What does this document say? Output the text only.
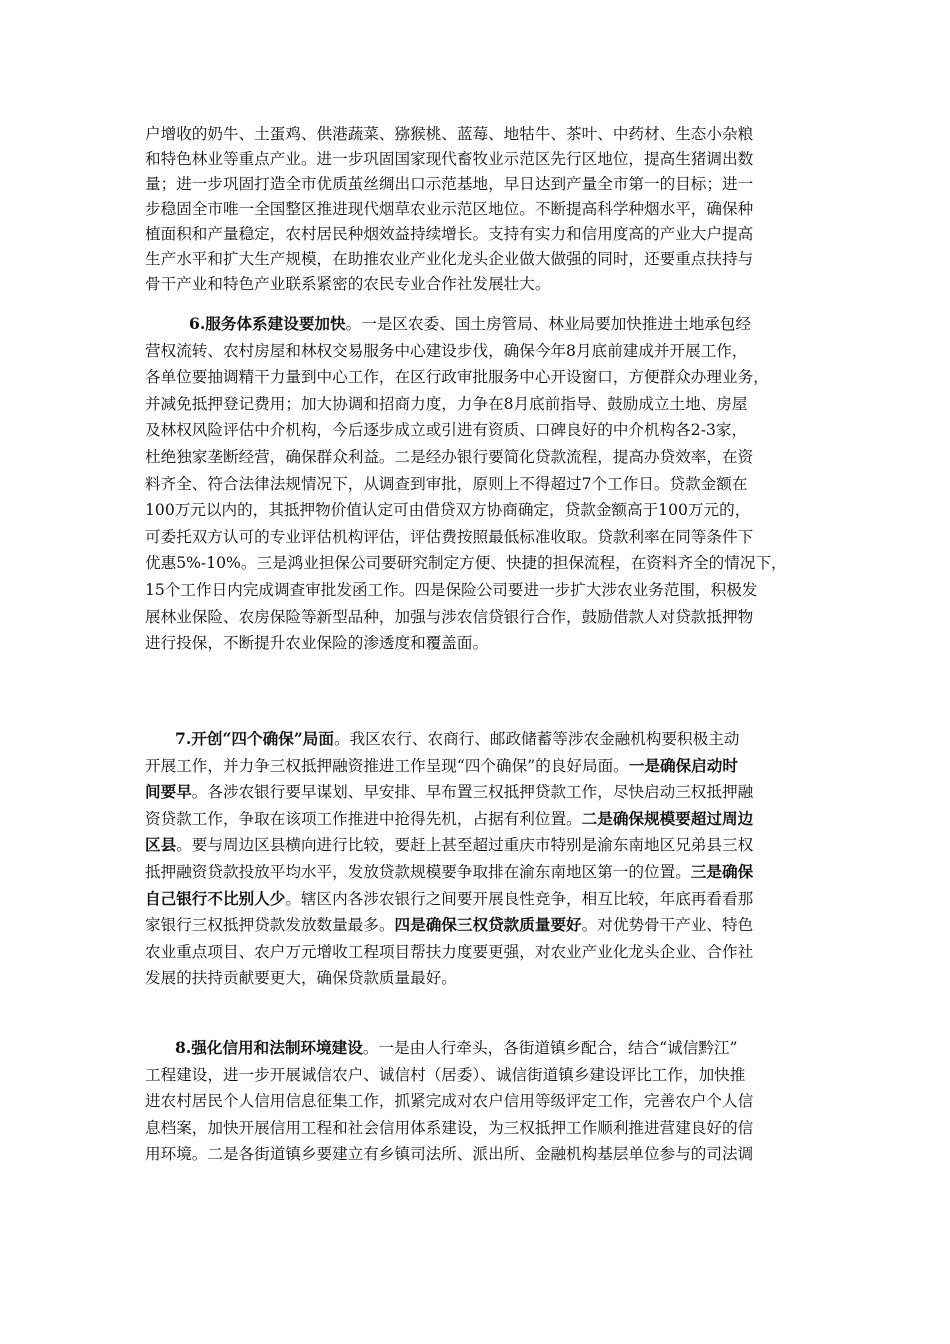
户增收的奶牛、土蛋鸡、供港蔬菜、猕猴桃、蓝莓、地牯牛、茶叶、中药材、生态小杂粮
和特色林业等重点产业。进一步巩固国家现代畜牧业示范区先行区地位，提高生猪调出数
量；进一步巩固打造全市优质茧丝绸出口示范基地，早日达到产量全市第一的目标；进一
步稳固全市唯一全国整区推进现代烟草农业示范区地位。不断提高科学种烟水平，确保种
植面积和产量稳定，农村居民种烟效益持续增长。支持有实力和信用度高的产业大户提高
生产水平和扩大生产规模，在助推农业产业化龙头企业做大做强的同时，还要重点扶持与
骨干产业和特色产业联系紧密的农民专业合作社发展壮大。
6.服务体系建设要加快。一是区农委、国土房管局、林业局要加快推进土地承包经
营权流转、农村房屋和林权交易服务中心建设步伐，确保今年8月底前建成并开展工作，
各单位要抽调精干力量到中心工作，在区行政审批服务中心开设窗口，方便群众办理业务，
并减免抵押登记费用；加大协调和招商力度，力争在8月底前指导、鼓励成立土地、房屋
及林权风险评估中介机构，今后逐步成立或引进有资质、口碑良好的中介机构各2-3家，
杜绝独家垄断经营，确保群众利益。二是经办银行要简化贷款流程，提高办贷效率，在资
料齐全、符合法律法规情况下，从调查到审批，原则上不得超过7个工作日。贷款金额在
100万元以内的，其抵押物价值认定可由借贷双方协商确定，贷款金额高于100万元的，
可委托双方认可的专业评估机构评估，评估费按照最低标准收取。贷款利率在同等条件下
优惠5%-10%。三是鸿业担保公司要研究制定方便、快捷的担保流程，在资料齐全的情况下，
15个工作日内完成调查审批发函工作。四是保险公司要进一步扩大涉农业务范围，积极发
展林业保险、农房保险等新型品种，加强与涉农信贷银行合作，鼓励借款人对贷款抵押物
进行投保，不断提升农业保险的渗透度和覆盖面。
7.开创“四个确保”局面。我区农行、农商行、邮政储蓄等涉农金融机构要积极主动
开展工作，并力争三权抵押融资推进工作呈现“四个确保”的良好局面。一是确保启动时
间要早。各涉农银行要早谋划、早安排、早布置三权抵押贷款工作，尽快启动三权抵押融
资贷款工作，争取在该项工作推进中抢得先机，占据有利位置。二是确保规模要超过周边
区县。要与周边区县横向进行比较，要赶上甚至超过重庆市特别是渝东南地区兄弟县三权
抵押融资贷款投放平均水平，发放贷款规模要争取排在渝东南地区第一的位置。三是确保
自己银行不比别人少。辖区内各涉农银行之间要开展良性竞争，相互比较，年底再看看那
家银行三权抵押贷款发放数量最多。四是确保三权贷款质量要好。对优势骨干产业、特色
农业重点项目、农户万元增收工程项目帮扶力度要更强，对农业产业化龙头企业、合作社
发展的扶持贡献要更大，确保贷款质量最好。
8.强化信用和法制环境建设。一是由人行牵头，各街道镇乡配合，结合“诚信黔江”
工程建设，进一步开展诚信农户、诚信村（居委）、诚信街道镇乡建设评比工作，加快推
进农村居民个人信用信息征集工作，抓紧完成对农户信用等级评定工作，完善农户个人信
息档案，加快开展信用工程和社会信用体系建设，为三权抵押工作顺利推进营建良好的信
用环境。二是各街道镇乡要建立有乡镇司法所、派出所、金融机构基层单位参与的司法调
